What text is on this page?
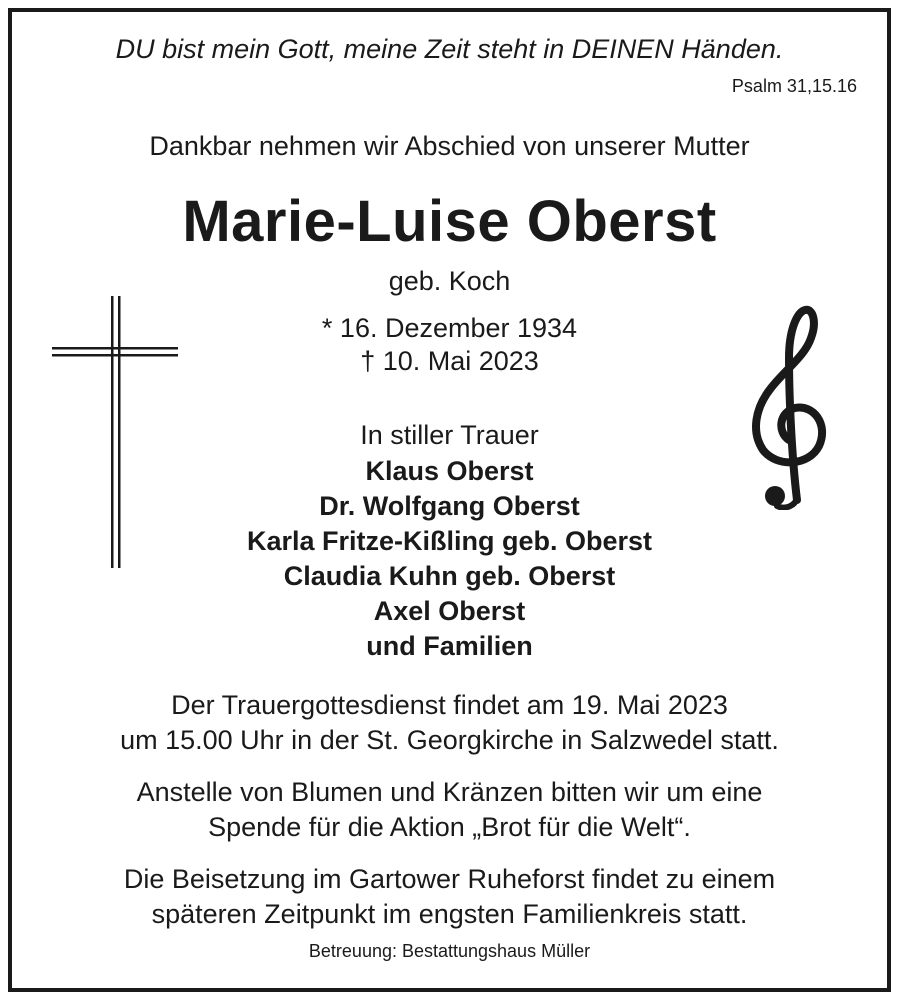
DU bist mein Gott, meine Zeit steht in DEINEN Händen.
Psalm 31,15.16
Dankbar nehmen wir Abschied von unserer Mutter
Marie-Luise Oberst
geb. Koch
* 16. Dezember 1934
† 10. Mai 2023
In stiller Trauer
Klaus Oberst
Dr. Wolfgang Oberst
Karla Fritze-Kißling geb. Oberst
Claudia Kuhn geb. Oberst
Axel Oberst
und Familien
Der Trauergottesdienst findet am 19. Mai 2023
um 15.00 Uhr in der St. Georgkirche in Salzwedel statt.
Anstelle von Blumen und Kränzen bitten wir um eine
Spende für die Aktion „Brot für die Welt“.
Die Beisetzung im Gartower Ruheforst findet zu einem
späteren Zeitpunkt im engsten Familienkreis statt.
Betreuung: Bestattungshaus Müller
